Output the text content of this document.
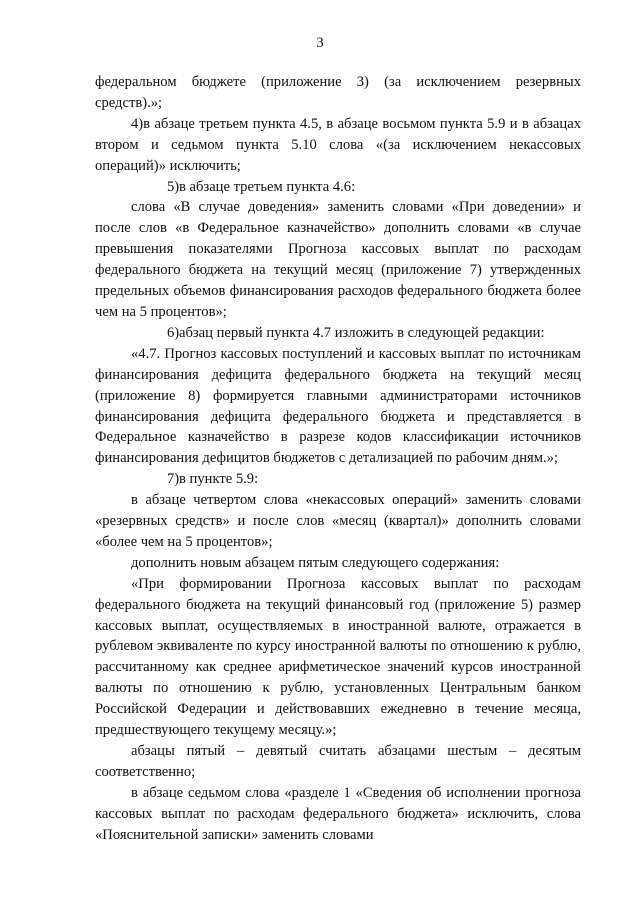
3

федеральном бюджете (приложение 3) (за исключением резервных средств).»;

4)в абзаце третьем пункта 4.5, в абзаце восьмом пункта 5.9 и в абзацах втором и седьмом пункта 5.10 слова «(за исключением некассовых операций)» исключить;

5)в абзаце третьем пункта 4.6:

слова «В случае доведения» заменить словами «При доведении» и после слов «в Федеральное казначейство» дополнить словами «в случае превышения показателями Прогноза кассовых выплат по расходам федерального бюджета на текущий месяц (приложение 7) утвержденных предельных объемов финансирования расходов федерального бюджета более чем на 5 процентов»;

6)абзац первый пункта 4.7 изложить в следующей редакции:

«4.7. Прогноз кассовых поступлений и кассовых выплат по источникам финансирования дефицита федерального бюджета на текущий месяц (приложение 8) формируется главными администраторами источников финансирования дефицита федерального бюджета и представляется в Федеральное казначейство в разрезе кодов классификации источников финансирования дефицитов бюджетов с детализацией по рабочим дням.»;

7)в пункте 5.9:

в абзаце четвертом слова «некассовых операций» заменить словами «резервных средств» и после слов «месяц (квартал)» дополнить словами «более чем на 5 процентов»;

дополнить новым абзацем пятым следующего содержания:

«При формировании Прогноза кассовых выплат по расходам федерального бюджета на текущий финансовый год (приложение 5) размер кассовых выплат, осуществляемых в иностранной валюте, отражается в рублевом эквиваленте по курсу иностранной валюты по отношению к рублю, рассчитанному как среднее арифметическое значений курсов иностранной валюты по отношению к рублю, установленных Центральным банком Российской Федерации и действовавших ежедневно в течение месяца, предшествующего текущему месяцу.»;

абзацы пятый – девятый считать абзацами шестым – десятым соответственно;

в абзаце седьмом слова «разделе 1 «Сведения об исполнении прогноза кассовых выплат по расходам федерального бюджета» исключить, слова «Пояснительной записки» заменить словами
